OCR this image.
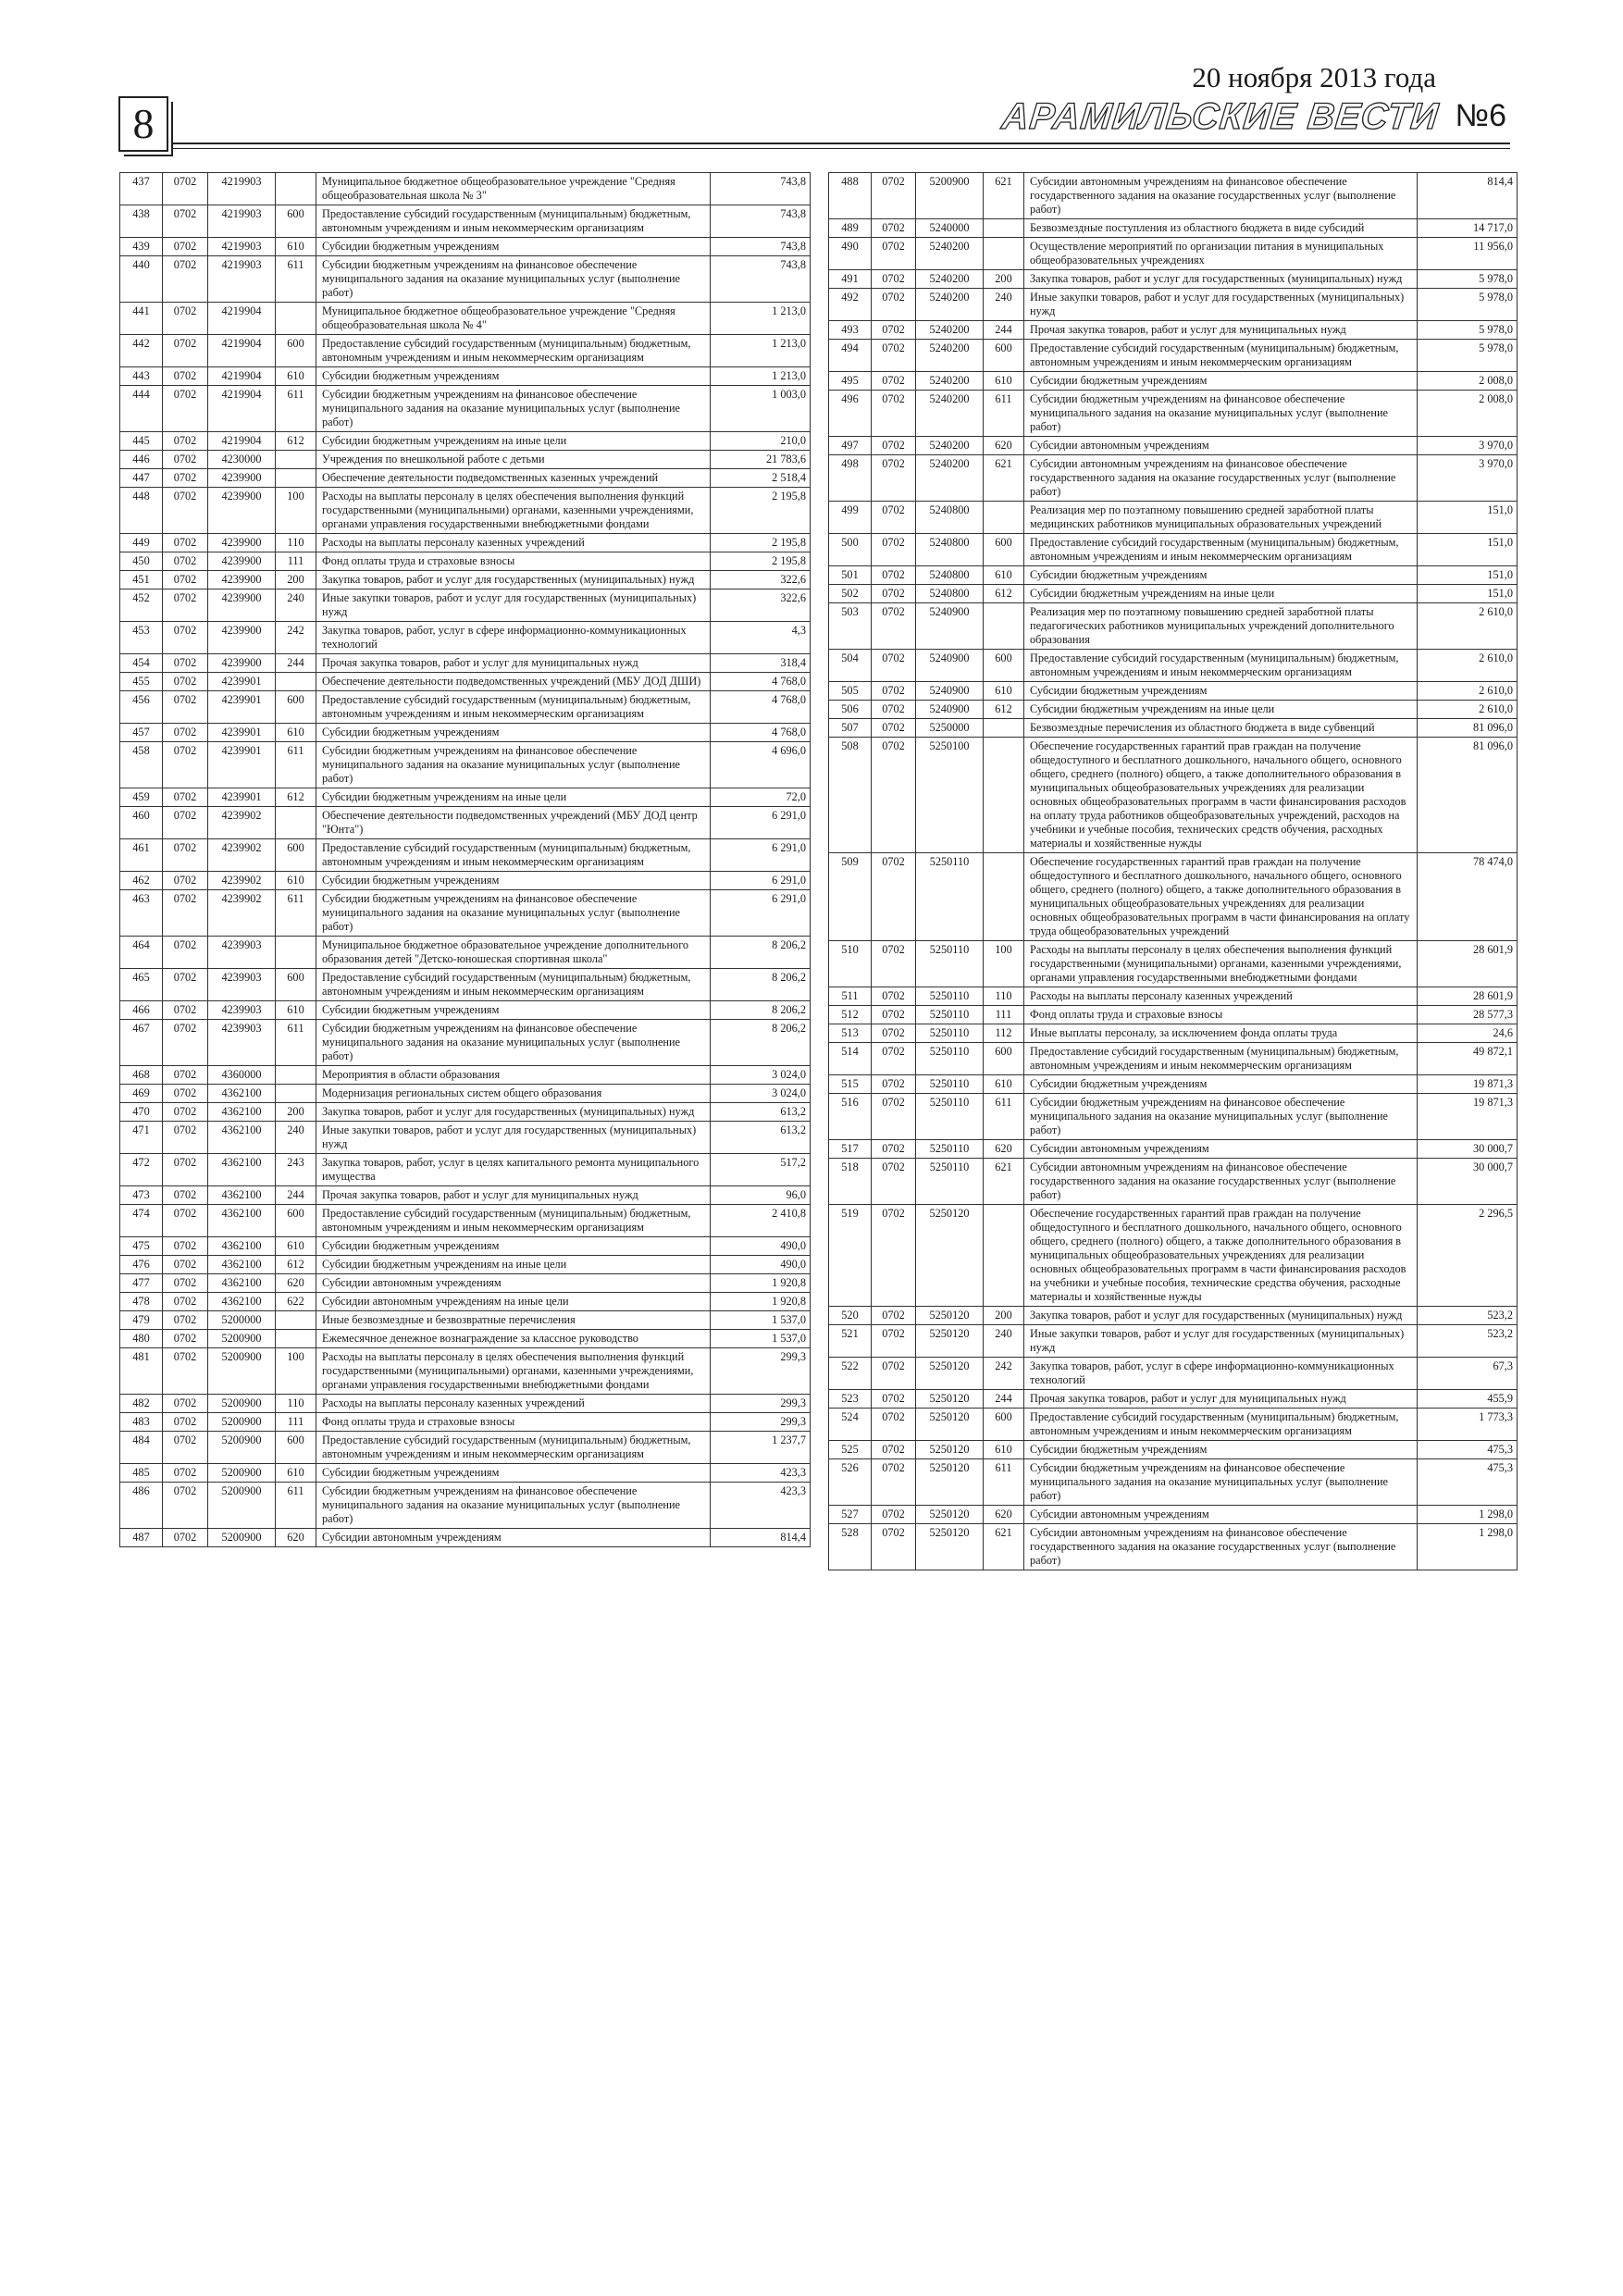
8
20 ноября 2013 года
АРАМИЛЬСКИЕ ВЕСТИ №6
437	0702	4219903		Муниципальное бюджетное общеобразовательное учреждение "Средняя общеобразовательная школа № 3"	743,8
438	0702	4219903	600	Предоставление субсидий государственным (муниципальным) бюджетным, автономным учреждениям и иным некоммерческим организациям	743,8
439	0702	4219903	610	Субсидии бюджетным учреждениям	743,8
440	0702	4219903	611	Субсидии бюджетным учреждениям на финансовое обеспечение муниципального задания на оказание муниципальных услуг (выполнение работ)	743,8
441	0702	4219904		Муниципальное бюджетное общеобразовательное учреждение "Средняя общеобразовательная школа № 4"	1 213,0
442	0702	4219904	600	Предоставление субсидий государственным (муниципальным) бюджетным, автономным учреждениям и иным некоммерческим организациям	1 213,0
443	0702	4219904	610	Субсидии бюджетным учреждениям	1 213,0
444	0702	4219904	611	Субсидии бюджетным учреждениям на финансовое обеспечение муниципального задания на оказание муниципальных услуг (выполнение работ)	1 003,0
445	0702	4219904	612	Субсидии бюджетным учреждениям на иные цели	210,0
446	0702	4230000		Учреждения по внешкольной работе с детьми	21 783,6
447	0702	4239900		Обеспечение деятельности подведомственных казенных учреждений	2 518,4
448	0702	4239900	100	Расходы на выплаты персоналу в целях обеспечения выполнения функций государственными (муниципальными) органами, казенными учреждениями, органами управления государственными внебюджетными фондами	2 195,8
449	0702	4239900	110	Расходы на выплаты персоналу казенных учреждений	2 195,8
450	0702	4239900	111	Фонд оплаты труда и страховые взносы	2 195,8
451	0702	4239900	200	Закупка товаров, работ и услуг для государственных (муниципальных) нужд	322,6
452	0702	4239900	240	Иные закупки товаров, работ и услуг для государственных (муниципальных) нужд	322,6
453	0702	4239900	242	Закупка товаров, работ, услуг в сфере информационно-коммуникационных технологий	4,3
454	0702	4239900	244	Прочая закупка товаров, работ и услуг для муниципальных нужд	318,4
455	0702	4239901		Обеспечение деятельности подведомственных учреждений (МБУ ДОД ДШИ)	4 768,0
456	0702	4239901	600	Предоставление субсидий государственным (муниципальным) бюджетным, автономным учреждениям и иным некоммерческим организациям	4 768,0
457	0702	4239901	610	Субсидии бюджетным учреждениям	4 768,0
458	0702	4239901	611	Субсидии бюджетным учреждениям на финансовое обеспечение муниципального задания на оказание муниципальных услуг (выполнение работ)	4 696,0
459	0702	4239901	612	Субсидии бюджетным учреждениям на иные цели	72,0
460	0702	4239902		Обеспечение деятельности подведомственных учреждений (МБУ ДОД центр "Юнта")	6 291,0
461	0702	4239902	600	Предоставление субсидий государственным (муниципальным) бюджетным, автономным учреждениям и иным некоммерческим организациям	6 291,0
462	0702	4239902	610	Субсидии бюджетным учреждениям	6 291,0
463	0702	4239902	611	Субсидии бюджетным учреждениям на финансовое обеспечение муниципального задания на оказание муниципальных услуг (выполнение работ)	6 291,0
464	0702	4239903		Муниципальное бюджетное образовательное учреждение дополнительного образования детей "Детско-юношеская спортивная школа"	8 206,2
465	0702	4239903	600	Предоставление субсидий государственным (муниципальным) бюджетным, автономным учреждениям и иным некоммерческим организациям	8 206,2
466	0702	4239903	610	Субсидии бюджетным учреждениям	8 206,2
467	0702	4239903	611	Субсидии бюджетным учреждениям на финансовое обеспечение муниципального задания на оказание муниципальных услуг (выполнение работ)	8 206,2
468	0702	4360000		Мероприятия в области образования	3 024,0
469	0702	4362100		Модернизация региональных систем общего образования	3 024,0
470	0702	4362100	200	Закупка товаров, работ и услуг для государственных (муниципальных) нужд	613,2
471	0702	4362100	240	Иные закупки товаров, работ и услуг для государственных (муниципальных) нужд	613,2
472	0702	4362100	243	Закупка товаров, работ, услуг в целях капитального ремонта муниципального имущества	517,2
473	0702	4362100	244	Прочая закупка товаров, работ и услуг для муниципальных нужд	96,0
474	0702	4362100	600	Предоставление субсидий государственным (муниципальным) бюджетным, автономным учреждениям и иным некоммерческим организациям	2 410,8
475	0702	4362100	610	Субсидии бюджетным учреждениям	490,0
476	0702	4362100	612	Субсидии бюджетным учреждениям на иные цели	490,0
477	0702	4362100	620	Субсидии автономным учреждениям	1 920,8
478	0702	4362100	622	Субсидии автономным учреждениям на иные цели	1 920,8
479	0702	5200000		Иные безвозмездные и безвозвратные перечисления	1 537,0
480	0702	5200900		Ежемесячное денежное вознаграждение за классное руководство	1 537,0
481	0702	5200900	100	Расходы на выплаты персоналу в целях обеспечения выполнения функций государственными (муниципальными) органами, казенными учреждениями, органами управления государственными внебюджетными фондами	299,3
482	0702	5200900	110	Расходы на выплаты персоналу казенных учреждений	299,3
483	0702	5200900	111	Фонд оплаты труда и страховые взносы	299,3
484	0702	5200900	600	Предоставление субсидий государственным (муниципальным) бюджетным, автономным учреждениям и иным некоммерческим организациям	1 237,7
485	0702	5200900	610	Субсидии бюджетным учреждениям	423,3
486	0702	5200900	611	Субсидии бюджетным учреждениям на финансовое обеспечение муниципального задания на оказание муниципальных услуг (выполнение работ)	423,3
487	0702	5200900	620	Субсидии автономным учреждениям	814,4
488	0702	5200900	621	Субсидии автономным учреждениям на финансовое обеспечение государственного задания на оказание государственных услуг (выполнение работ)	814,4
489	0702	5240000		Безвозмездные поступления из областного бюджета в виде субсидий	14 717,0
490	0702	5240200		Осуществление мероприятий по организации питания в муниципальных общеобразовательных учреждениях	11 956,0
491	0702	5240200	200	Закупка товаров, работ и услуг для государственных (муниципальных) нужд	5 978,0
492	0702	5240200	240	Иные закупки товаров, работ и услуг для государственных (муниципальных) нужд	5 978,0
493	0702	5240200	244	Прочая закупка товаров, работ и услуг для муниципальных нужд	5 978,0
494	0702	5240200	600	Предоставление субсидий государственным (муниципальным) бюджетным, автономным учреждениям и иным некоммерческим организациям	5 978,0
495	0702	5240200	610	Субсидии бюджетным учреждениям	2 008,0
496	0702	5240200	611	Субсидии бюджетным учреждениям на финансовое обеспечение муниципального задания на оказание муниципальных услуг (выполнение работ)	2 008,0
497	0702	5240200	620	Субсидии автономным учреждениям	3 970,0
498	0702	5240200	621	Субсидии автономным учреждениям на финансовое обеспечение государственного задания на оказание государственных услуг (выполнение работ)	3 970,0
499	0702	5240800		Реализация мер по поэтапному повышению средней заработной платы медицинских работников муниципальных образовательных учреждений	151,0
500	0702	5240800	600	Предоставление субсидий государственным (муниципальным) бюджетным, автономным учреждениям и иным некоммерческим организациям	151,0
501	0702	5240800	610	Субсидии бюджетным учреждениям	151,0
502	0702	5240800	612	Субсидии бюджетным учреждениям на иные цели	151,0
503	0702	5240900		Реализация мер по поэтапному повышению средней заработной платы педагогических работников муниципальных учреждений дополнительного образования	2 610,0
504	0702	5240900	600	Предоставление субсидий государственным (муниципальным) бюджетным, автономным учреждениям и иным некоммерческим организациям	2 610,0
505	0702	5240900	610	Субсидии бюджетным учреждениям	2 610,0
506	0702	5240900	612	Субсидии бюджетным учреждениям на иные цели	2 610,0
507	0702	5250000		Безвозмездные перечисления из областного бюджета в виде субвенций	81 096,0
508	0702	5250100		Обеспечение государственных гарантий прав граждан на получение общедоступного и бесплатного дошкольного, начального общего, основного общего, среднего (полного) общего, а также дополнительного образования в муниципальных общеобразовательных учреждениях для реализации основных общеобразовательных программ в части финансирования расходов на оплату труда работников общеобразовательных учреждений, расходов на учебники и учебные пособия, технических средств обучения, расходных материалы и хозяйственные нужды	81 096,0
509	0702	5250110		Обеспечение государственных гарантий прав граждан на получение общедоступного и бесплатного дошкольного, начального общего, основного общего, среднего (полного) общего, а также дополнительного образования в муниципальных общеобразовательных учреждениях для реализации основных общеобразовательных программ в части финансирования на оплату труда общеобразовательных учреждений	78 474,0
510	0702	5250110	100	Расходы на выплаты персоналу в целях обеспечения выполнения функций государственными (муниципальными) органами, казенными учреждениями, органами управления государственными внебюджетными фондами	28 601,9
511	0702	5250110	110	Расходы на выплаты персоналу казенных учреждений	28 601,9
512	0702	5250110	111	Фонд оплаты труда и страховые взносы	28 577,3
513	0702	5250110	112	Иные выплаты персоналу, за исключением фонда оплаты труда	24,6
514	0702	5250110	600	Предоставление субсидий государственным (муниципальным) бюджетным, автономным учреждениям и иным некоммерческим организациям	49 872,1
515	0702	5250110	610	Субсидии бюджетным учреждениям	19 871,3
516	0702	5250110	611	Субсидии бюджетным учреждениям на финансовое обеспечение муниципального задания на оказание муниципальных услуг (выполнение работ)	19 871,3
517	0702	5250110	620	Субсидии автономным учреждениям	30 000,7
518	0702	5250110	621	Субсидии автономным учреждениям на финансовое обеспечение государственного задания на оказание государственных услуг (выполнение работ)	30 000,7
519	0702	5250120		Обеспечение государственных гарантий прав граждан на получение общедоступного и бесплатного дошкольного, начального общего, основного общего, среднего (полного) общего, а также дополнительного образования в муниципальных общеобразовательных учреждениях для реализации основных общеобразовательных программ в части финансирования расходов на учебники и учебные пособия, технические средства обучения, расходные материалы и хозяйственные нужды	2 296,5
520	0702	5250120	200	Закупка товаров, работ и услуг для государственных (муниципальных) нужд	523,2
521	0702	5250120	240	Иные закупки товаров, работ и услуг для государственных (муниципальных) нужд	523,2
522	0702	5250120	242	Закупка товаров, работ, услуг в сфере информационно-коммуникационных технологий	67,3
523	0702	5250120	244	Прочая закупка товаров, работ и услуг для муниципальных нужд	455,9
524	0702	5250120	600	Предоставление субсидий государственным (муниципальным) бюджетным, автономным учреждениям и иным некоммерческим организациям	1 773,3
525	0702	5250120	610	Субсидии бюджетным учреждениям	475,3
526	0702	5250120	611	Субсидии бюджетным учреждениям на финансовое обеспечение муниципального задания на оказание муниципальных услуг (выполнение работ)	475,3
527	0702	5250120	620	Субсидии автономным учреждениям	1 298,0
528	0702	5250120	621	Субсидии автономным учреждениям на финансовое обеспечение государственного задания на оказание государственных услуг (выполнение работ)	1 298,0
